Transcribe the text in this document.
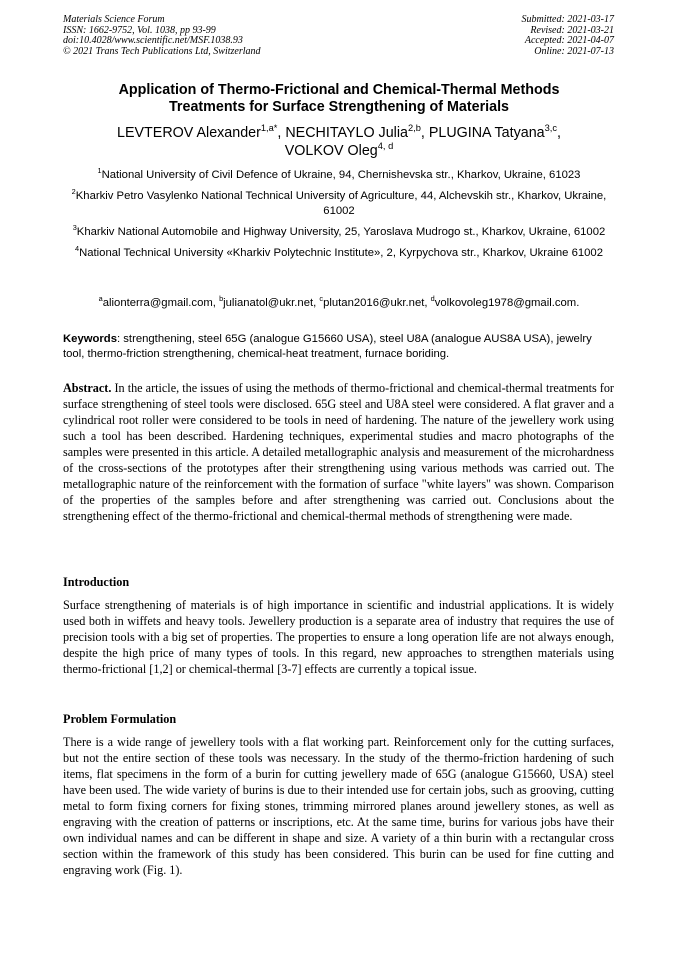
Materials Science Forum
ISSN: 1662-9752, Vol. 1038, pp 93-99
doi:10.4028/www.scientific.net/MSF.1038.93
© 2021 Trans Tech Publications Ltd, Switzerland
Submitted: 2021-03-17
Revised: 2021-03-21
Accepted: 2021-04-07
Online: 2021-07-13
Application of Thermo-Frictional and Chemical-Thermal Methods
Treatments for Surface Strengthening of Materials
LEVTEROV Alexander$^{1,a*}$, NECHITAYLO Julia$^{2,b}$, PLUGINA Tatyana$^{3,c}$,
VOLKOV Oleg$^{4, d}$
$^1$National University of Civil Defence of Ukraine, 94, Chernishevska str., Kharkov, Ukraine, 61023
$^2$Kharkiv Petro Vasylenko National Technical University of Agriculture, 44, Alchevskih str., Kharkov, Ukraine, 61002
$^3$Kharkiv National Automobile and Highway University, 25, Yaroslava Mudrogo st., Kharkov, Ukraine, 61002
$^4$National Technical University «Kharkiv Polytechnic Institute», 2, Kyrpychova str., Kharkov, Ukraine 61002
$^a$alionterra@gmail.com, $^b$julianatol@ukr.net, $^c$plutan2016@ukr.net, $^d$volkovoleg1978@gmail.com.
Keywords: strengthening, steel 65G (analogue G15660 USA), steel U8A (analogue AUS8A USA), jewelry tool, thermo-friction strengthening, chemical-heat treatment, furnace boriding.
Abstract. In the article, the issues of using the methods of thermo-frictional and chemical-thermal treatments for surface strengthening of steel tools were disclosed. 65G steel and U8A steel were considered. A flat graver and a cylindrical root roller were considered to be tools in need of hardening. The nature of the jewellery work using such a tool has been described. Hardening techniques, experimental studies and macro photographs of the samples were presented in this article. A detailed metallographic analysis and measurement of the microhardness of the cross-sections of the prototypes after their strengthening using various methods was carried out. The metallographic nature of the reinforcement with the formation of surface "white layers" was shown. Comparison of the properties of the samples before and after strengthening was carried out. Conclusions about the strengthening effect of the thermo-frictional and chemical-thermal methods of strengthening were made.
Introduction
Surface strengthening of materials is of high importance in scientific and industrial applications. It is widely used both in wiffets and heavy tools. Jewellery production is a separate area of industry that requires the use of precision tools with a big set of properties. The properties to ensure a long operation life are not always enough, despite the high price of many types of tools. In this regard, new approaches to strengthen materials using thermo-frictional [1,2] or chemical-thermal [3-7] effects are currently a topical issue.
Problem Formulation
There is a wide range of jewellery tools with a flat working part. Reinforcement only for the cutting surfaces, but not the entire section of these tools was necessary. In the study of the thermo-friction hardening of such items, flat specimens in the form of a burin for cutting jewellery made of 65G (analogue G15660, USA) steel have been used. The wide variety of burins is due to their intended use for certain jobs, such as grooving, cutting metal to form fixing corners for fixing stones, trimming mirrored planes around jewellery stones, as well as engraving with the creation of patterns or inscriptions, etc. At the same time, burins for various jobs have their own individual names and can be different in shape and size. A variety of a thin burin with a rectangular cross section within the framework of this study has been considered. This burin can be used for fine cutting and engraving work (Fig. 1).
